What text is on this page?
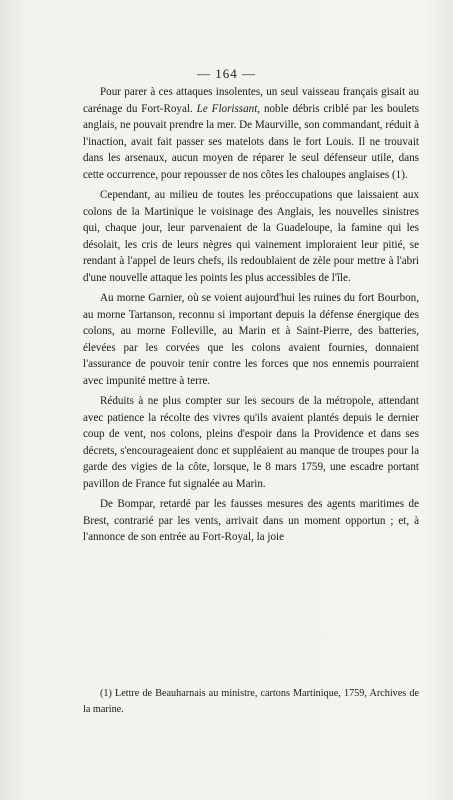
— 164 —

Pour parer à ces attaques insolentes, un seul vaisseau français gisait au carénage du Fort-Royal. Le Florissant, noble débris criblé par les boulets anglais, ne pouvait prendre la mer. De Maurville, son commandant, réduit à l'inaction, avait fait passer ses matelots dans le fort Louis. Il ne trouvait dans les arsenaux, aucun moyen de réparer le seul défenseur utile, dans cette occurrence, pour repousser de nos côtes les chaloupes anglaises (1).

Cependant, au milieu de toutes les préoccupations que laissaient aux colons de la Martinique le voisinage des Anglais, les nouvelles sinistres qui, chaque jour, leur parvenaient de la Guadeloupe, la famine qui les désolait, les cris de leurs nègres qui vainement imploraient leur pitié, se rendant à l'appel de leurs chefs, ils redoublaient de zèle pour mettre à l'abri d'une nouvelle attaque les points les plus accessibles de l'île.

Au morne Garnier, où se voient aujourd'hui les ruines du fort Bourbon, au morne Tartanson, reconnu si important depuis la défense énergique des colons, au morne Folleville, au Marin et à Saint-Pierre, des batteries, élevées par les corvées que les colons avaient fournies, donnaient l'assurance de pouvoir tenir contre les forces que nos ennemis pourraient avec impunité mettre à terre.

Réduits à ne plus compter sur les secours de la métropole, attendant avec patience la récolte des vivres qu'ils avaient plantés depuis le dernier coup de vent, nos colons, pleins d'espoir dans la Providence et dans ses décrets, s'encourageaient donc et suppléaient au manque de troupes pour la garde des vigies de la côte, lorsque, le 8 mars 1759, une escadre portant pavillon de France fut signalée au Marin.

De Bompar, retardé par les fausses mesures des agents maritimes de Brest, contrarié par les vents, arrivait dans un moment opportun ; et, à l'annonce de son entrée au Fort-Royal, la joie

(1) Lettre de Beauharnais au ministre, cartons Martinique, 1759, Archives de la marine.
